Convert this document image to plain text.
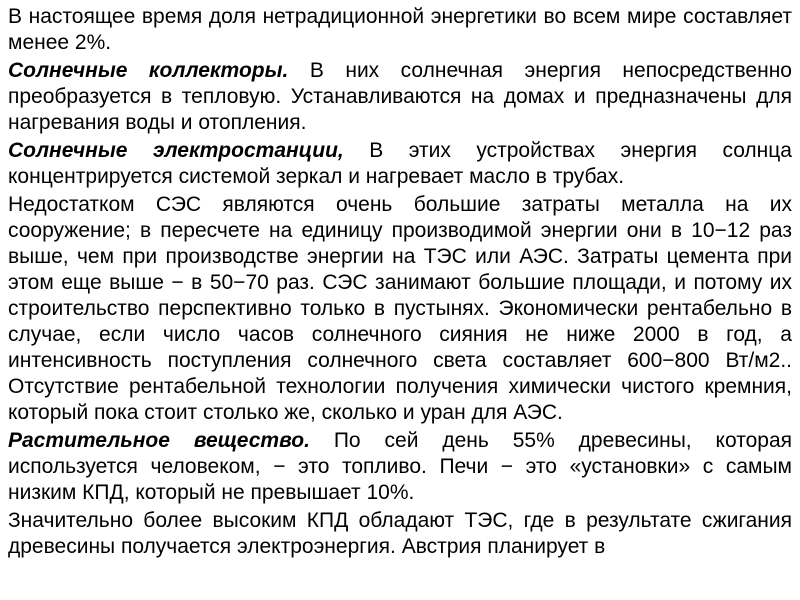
В настоящее время доля нетрадиционной энергетики во всем мире составляет менее 2%.

Солнечные коллекторы. В них солнечная энергия непосредственно преобразуется в тепловую. Устанавливаются на домах и предназначены для нагревания воды и отопления.

Солнечные электростанции, В этих устройствах энергия солнца концентрируется системой зеркал и нагревает масло в трубах.

Недостатком СЭС являются очень большие затраты металла на их сооружение; в пересчете на единицу производимой энергии они в 10−12 раз выше, чем при производстве энергии на ТЭС или АЭС. Затраты цемента при этом еще выше − в 50−70 раз. СЭС занимают большие площади, и потому их строительство перспективно только в пустынях. Экономически рентабельно в случае, если число часов солнечного сияния не ниже 2000 в год, а интенсивность поступления солнечного света составляет 600−800 Вт/м2.. Отсутствие рентабельной технологии получения химически чистого кремния, который пока стоит столько же, сколько и уран для АЭС.

Растительное вещество. По сей день 55% древесины, которая используется человеком, − это топливо. Печи − это «установки» с самым низким КПД, который не превышает 10%.

Значительно более высоким КПД обладают ТЭС, где в результате сжигания древесины получается электроэнергия. Австрия планирует в
